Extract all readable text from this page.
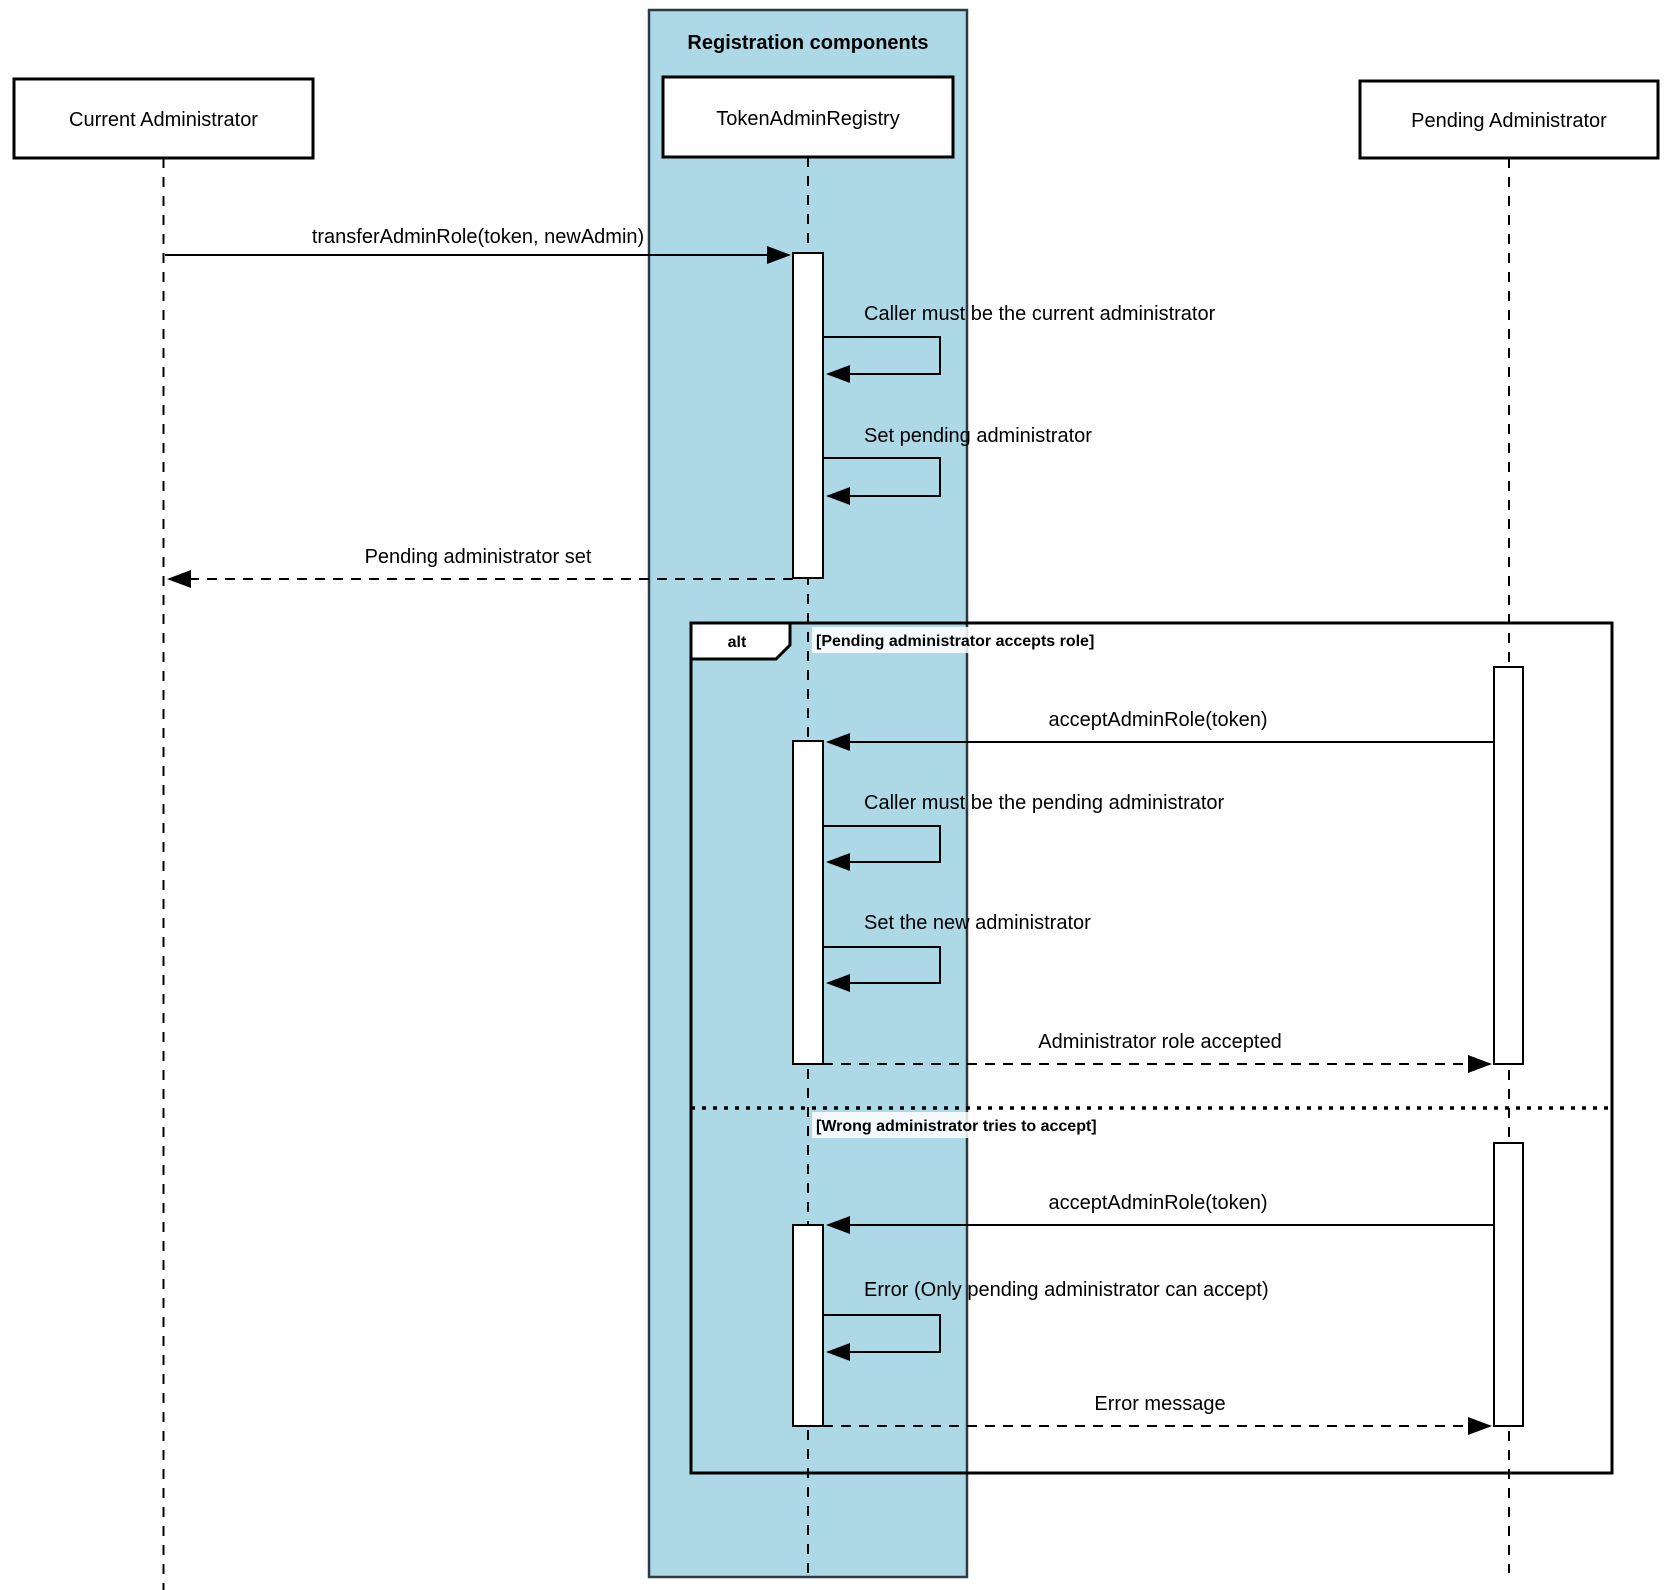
Registration components
alt	[Pending administrator accepts role]
[Wrong administrator tries to accept]
Current Administrator	TokenAdminRegistry	Pending Administrator
transferAdminRole(token, newAdmin)
Caller must be the current administrator
Set pending administrator
Pending administrator set
acceptAdminRole(token)
Caller must be the pending administrator
Set the new administrator
Administrator role accepted
acceptAdminRole(token)
Error (Only pending administrator can accept)
Error message
